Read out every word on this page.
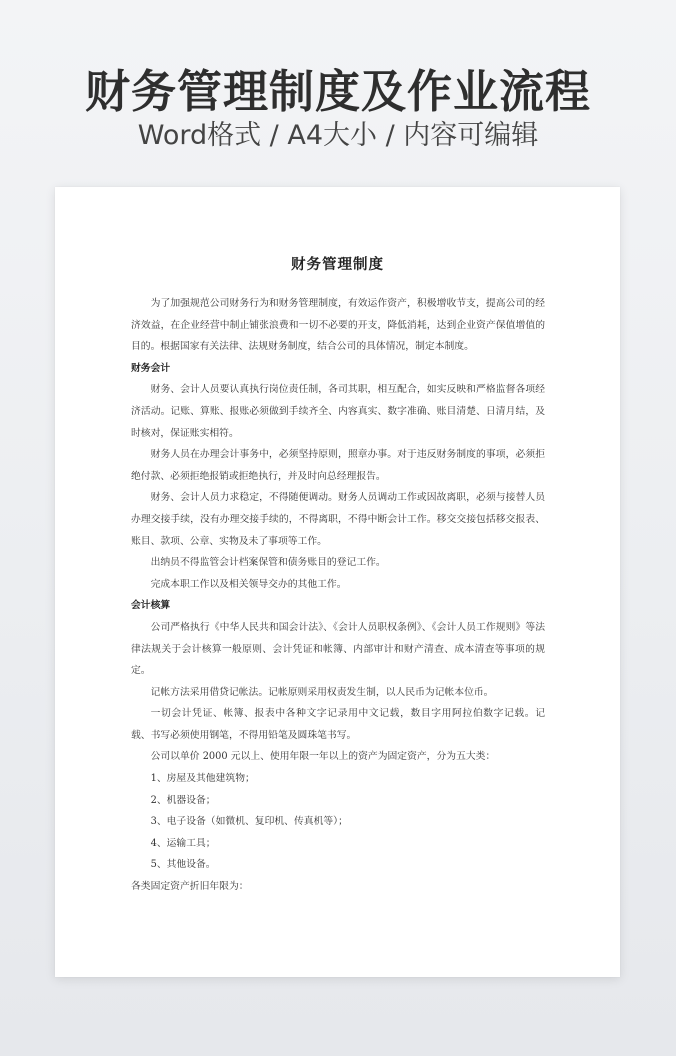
财务管理制度及作业流程
Word格式 / A4大小 / 内容可编辑
财务管理制度

为了加强规范公司财务行为和财务管理制度，有效运作资产，积极增收节支，提高公司的经济效益，在企业经营中制止铺张浪费和一切不必要的开支，降低消耗，达到企业资产保值增值的目的。根据国家有关法律、法规财务制度，结合公司的具体情况，制定本制度。

财务会计

财务、会计人员要认真执行岗位责任制，各司其职，相互配合，如实反映和严格监督各项经济活动。记账、算账、报账必须做到手续齐全、内容真实、数字准确、账目清楚、日清月结，及时核对，保证账实相符。

财务人员在办理会计事务中，必须坚持原则，照章办事。对于违反财务制度的事项，必须拒绝付款、必须拒绝报销或拒绝执行，并及时向总经理报告。

财务、会计人员力求稳定，不得随便调动。财务人员调动工作或因故离职，必须与接替人员办理交接手续，没有办理交接手续的，不得离职，不得中断会计工作。移交交接包括移交报表、账目、款项、公章、实物及未了事项等工作。

出纳员不得监管会计档案保管和债务账目的登记工作。

完成本职工作以及相关领导交办的其他工作。

会计核算

公司严格执行《中华人民共和国会计法》、《会计人员职权条例》、《会计人员工作规则》等法律法规关于会计核算一般原则、会计凭证和帐簿、内部审计和财产清查、成本清查等事项的规定。

记帐方法采用借贷记帐法。记帐原则采用权责发生制，以人民币为记帐本位币。

一切会计凭证、帐簿、报表中各种文字记录用中文记载，数目字用阿拉伯数字记载。记 载、书写必须使用钢笔，不得用铅笔及圆珠笔书写。

公司以单价 2000 元以上、使用年限一年以上的资产为固定资产，分为五大类：

1、房屋及其他建筑物；

2、机器设备；

3、电子设备（如微机、复印机、传真机等）；

4、运输工具；

5、其他设备。

各类固定资产折旧年限为：
